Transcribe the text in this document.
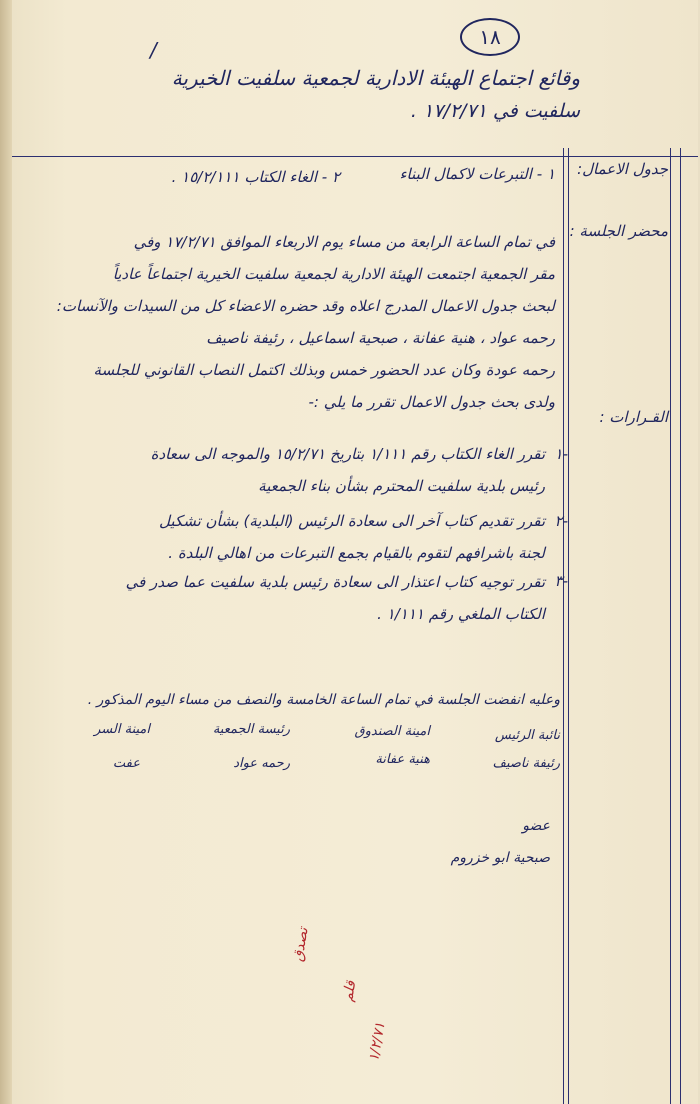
١٨
/
وقائع اجتماع الهيئة الادارية لجمعية سلفيت الخيرية
سلفيت في ١٧/٢/٧١ .
جدول الاعمال:
١ - التبرعات لاكمال البناء
٢ - الغاء الكتاب ١٥/٢/١١١ .
محضر الجلسة :
في تمام الساعة الرابعة من مساء يوم الاربعاء الموافق ١٧/٢/٧١ وفي
مقر الجمعية اجتمعت الهيئة الادارية لجمعية سلفيت الخيرية اجتماعاً عادياً
لبحث جدول الاعمال المدرج اعلاه وقد حضره الاعضاء كل من السيدات والآنسات:
رحمه عواد ، هنية عفانة ، صبحية اسماعيل ، رئيفة ناصيف
رحمه عودة وكان عدد الحضور خمس وبذلك اكتمل النصاب القانوني للجلسة
ولدى بحث جدول الاعمال تقرر ما يلي :-
القـرارات :
-١
تقرر الغاء الكتاب رقم ١/١١١ بتاريخ ١٥/٢/٧١ والموجه الى سعادة
رئيس بلدية سلفيت المحترم بشأن بناء الجمعية
-٢
تقرر تقديم كتاب آخر الى سعادة الرئيس (البلدية) بشأن تشكيل
لجنة باشرافهم لتقوم بالقيام بجمع التبرعات من اهالي البلدة .
-٣
تقرر توجيه كتاب اعتذار الى سعادة رئيس بلدية سلفيت عما صدر في
الكتاب الملغي رقم ١/١١١ .
وعليه انفضت الجلسة في تمام الساعة الخامسة والنصف من مساء اليوم المذكور .
نائبة الرئيس
امينة الصندوق
رئيسة الجمعية
امينة السر
رئيفة ناصيف
هنية عفانة
رحمه عواد
عفت
عضو
صبحية ابو خزروم
تصدق
قلم
١/٢/٧١
